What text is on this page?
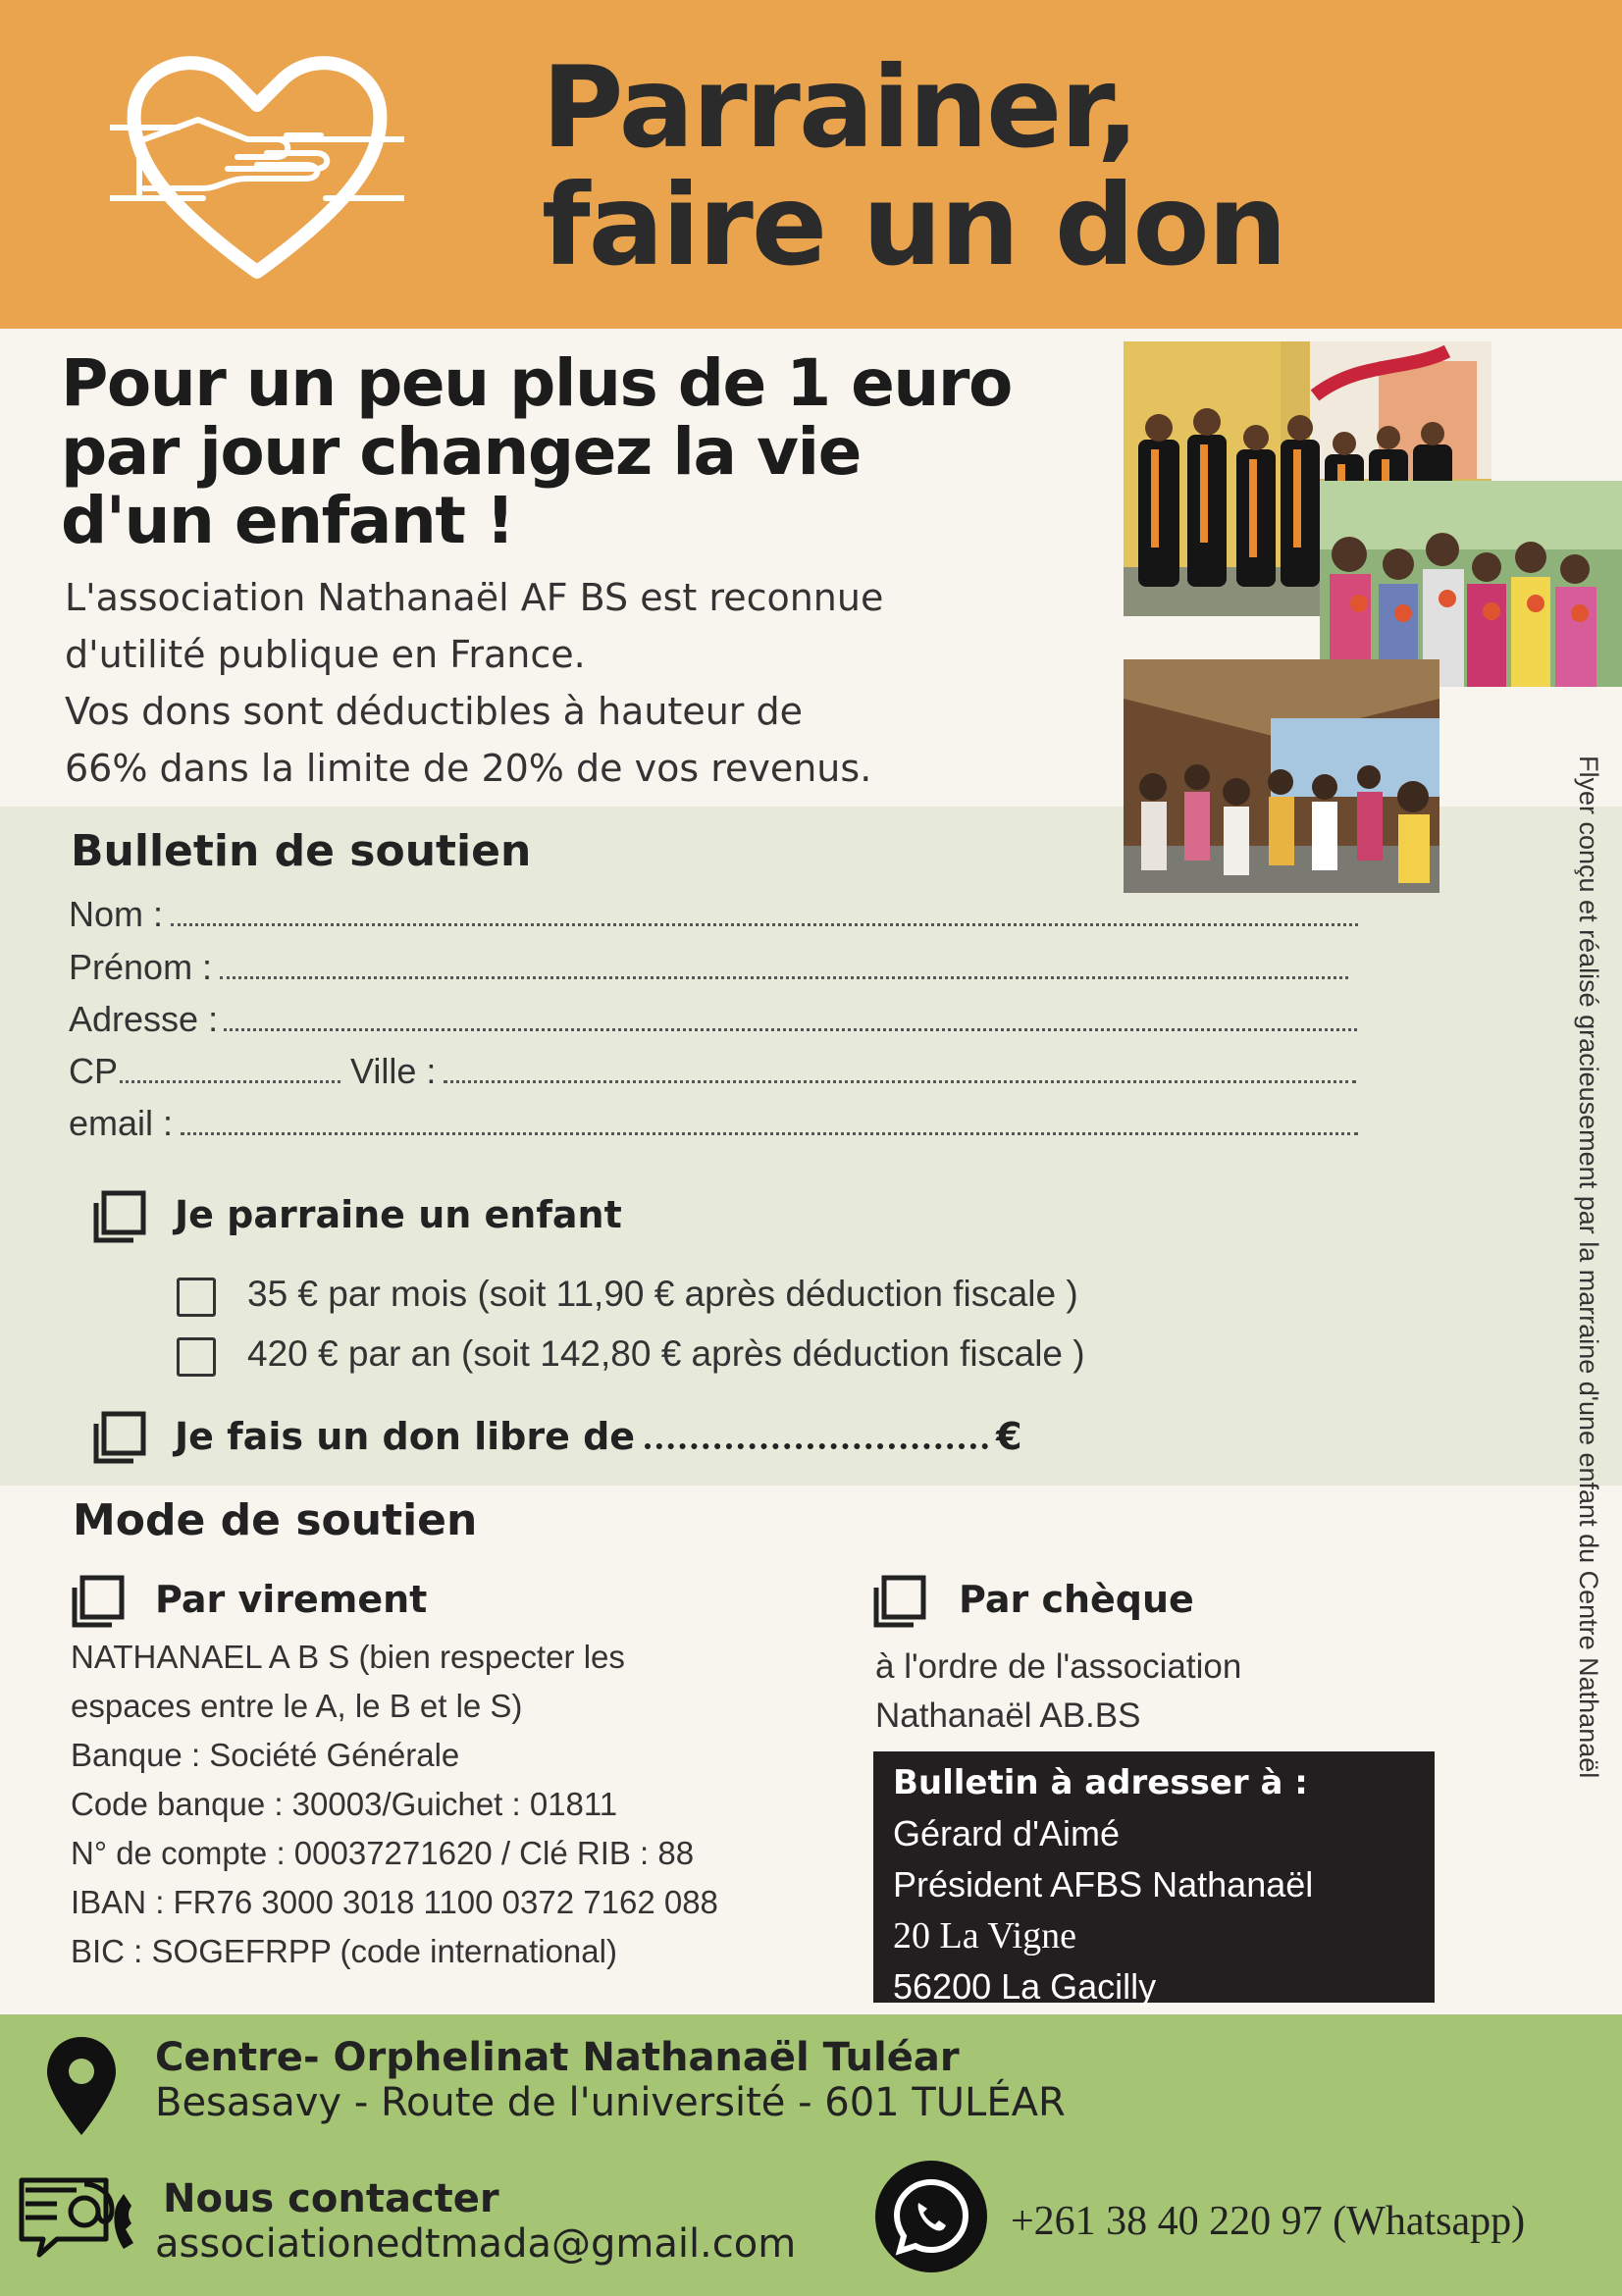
Parrainer,
faire un don
Pour un peu plus de 1 euro
par jour changez la vie
d'un enfant !
L'association Nathanaël AF BS est reconnue
d'utilité publique en France.
Vos dons sont déductibles à hauteur de
66% dans la limite de 20% de vos revenus.
Bulletin de soutien
Nom :
Prénom :
Adresse :
CP	Ville :
email :
Je parraine un enfant
35 € par mois (soit 11,90 € après déduction fiscale )
420 € par an (soit 142,80 € après déduction fiscale )
Je fais un don libre de	€
Mode de soutien
Par virement
NATHANAEL A B S (bien respecter les
espaces entre le A, le B et le S)
Banque : Société Générale
Code banque : 30003/Guichet : 01811
N° de compte : 00037271620 / Clé RIB : 88
IBAN : FR76 3000 3018 1100 0372 7162 088
BIC : SOGEFRPP (code international)
Par chèque
à l'ordre de l'association
Nathanaël AB.BS
Bulletin à adresser à :
Gérard d'Aimé
Président AFBS Nathanaël
20 La Vigne
56200 La Gacilly
Flyer conçu et réalisé gracieusement par la marraine d'une enfant du Centre Nathanaël
Centre- Orphelinat Nathanaël Tuléar
Besasavy - Route de l'université - 601 TULÉAR
Nous contacter
associationedtmada@gmail.com	+261 38 40 220 97 (Whatsapp)
